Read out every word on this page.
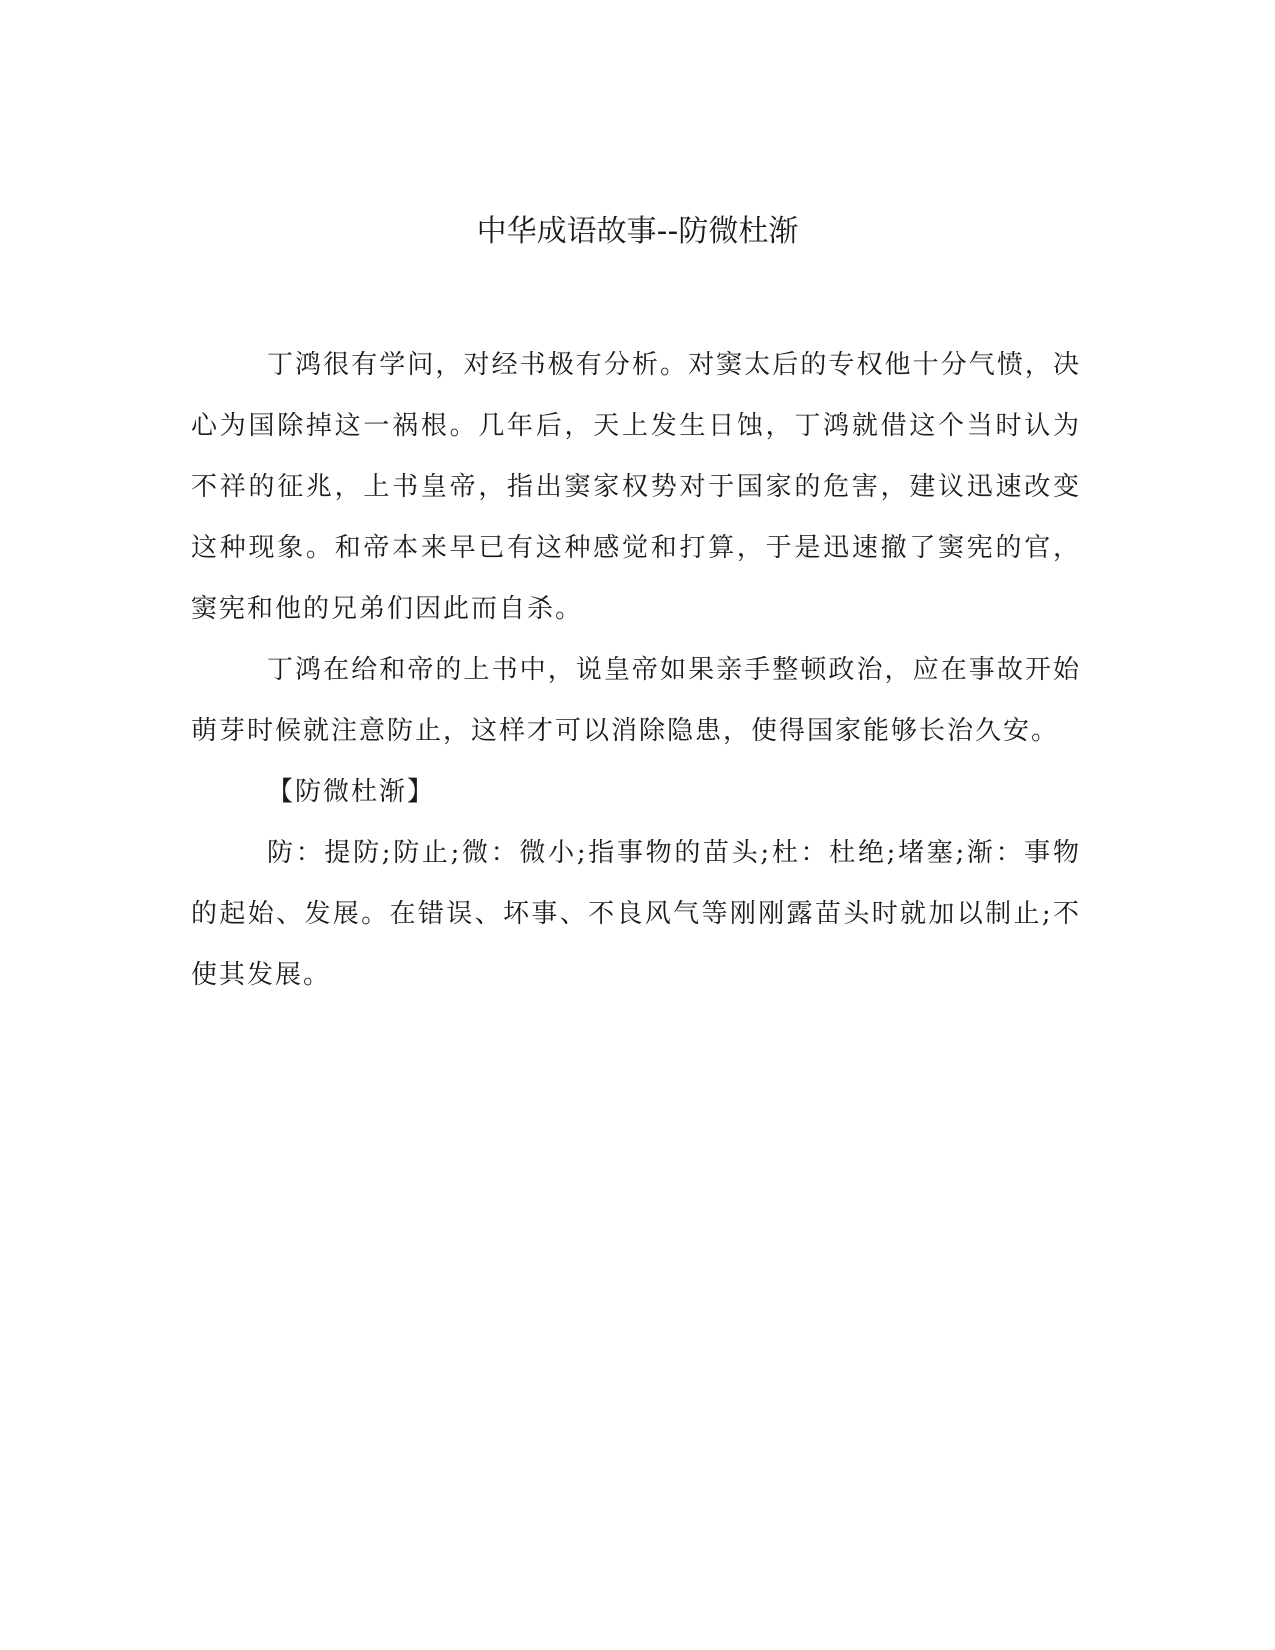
中华成语故事--防微杜渐

丁鸿很有学问，对经书极有分析。对窦太后的专权他十分气愤，决心为国除掉这一祸根。几年后，天上发生日蚀，丁鸿就借这个当时认为不祥的征兆，上书皇帝，指出窦家权势对于国家的危害，建议迅速改变这种现象。和帝本来早已有这种感觉和打算，于是迅速撤了窦宪的官，窦宪和他的兄弟们因此而自杀。

丁鸿在给和帝的上书中，说皇帝如果亲手整顿政治，应在事故开始萌芽时候就注意防止，这样才可以消除隐患，使得国家能够长治久安。

【防微杜渐】

防：提防;防止;微：微小;指事物的苗头;杜：杜绝;堵塞;渐：事物的起始、发展。在错误、坏事、不良风气等刚刚露苗头时就加以制止;不使其发展。
